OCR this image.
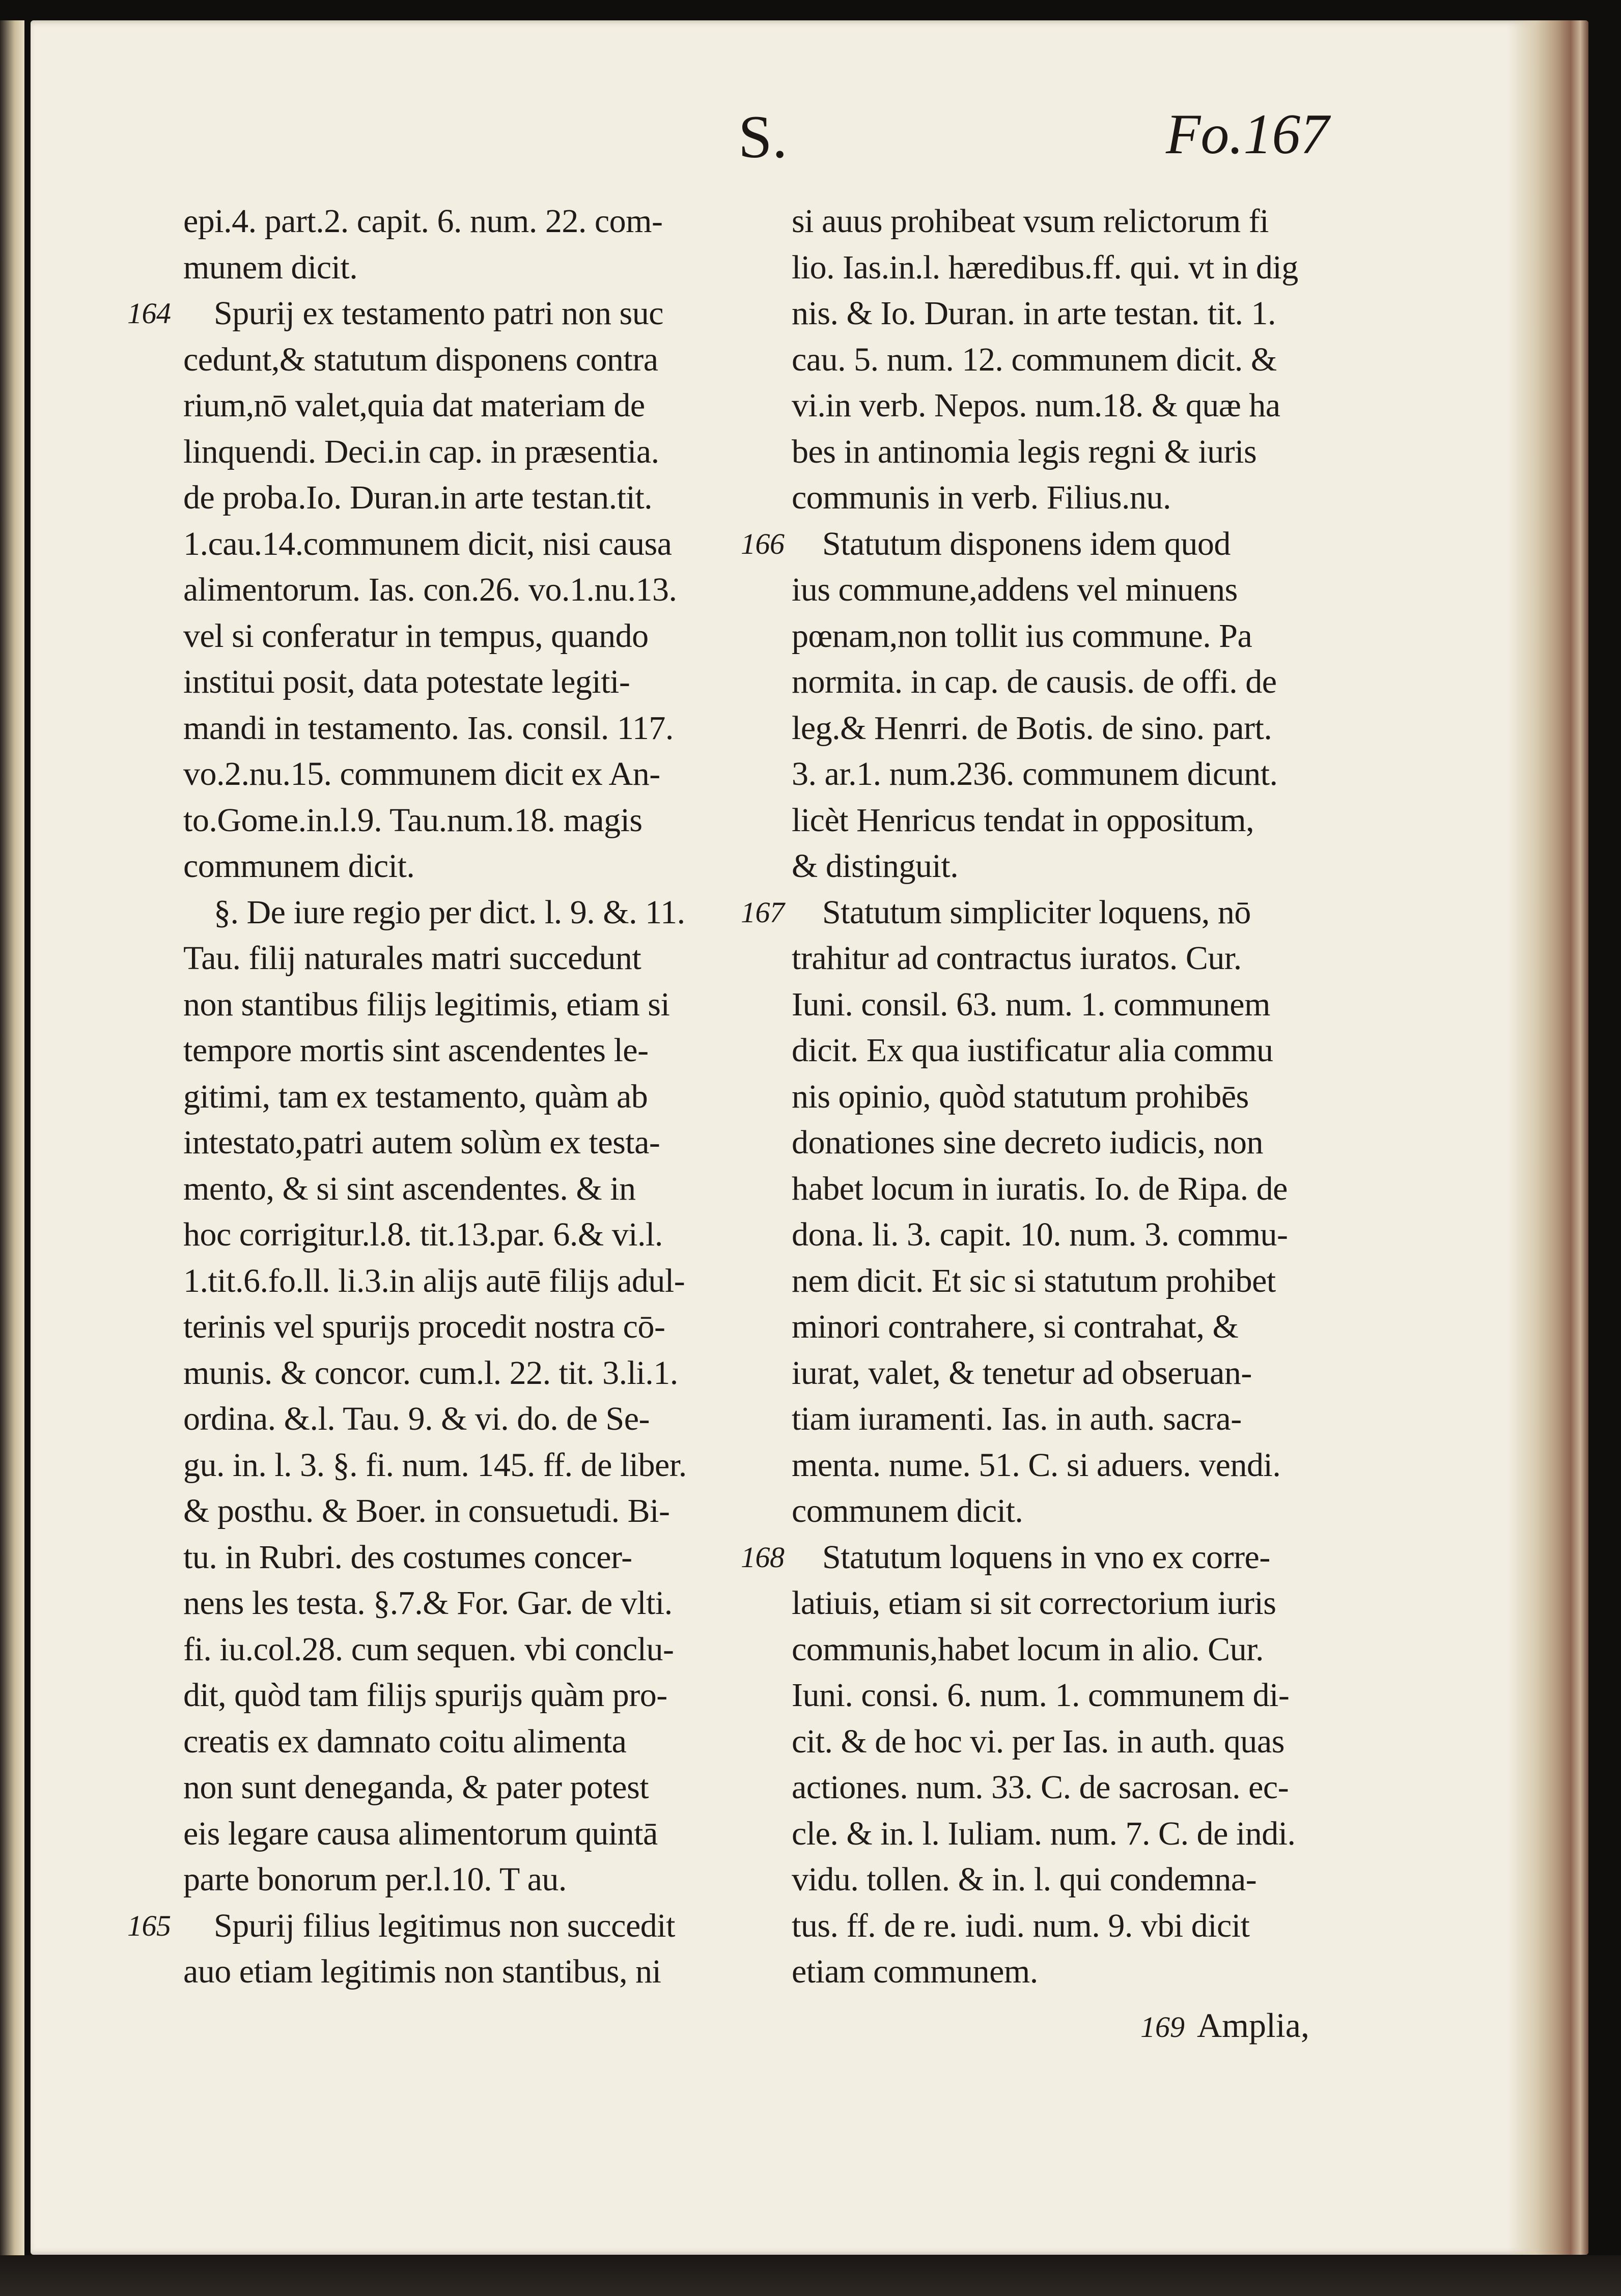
S.	Fo.167
epi.4. part.2. capit. 6. num. 22. com-
munem dicit.
164 Spurij ex testamento patri non suc
cedunt,& statutum disponens contra
rium,nō valet,quia dat materiam de
linquendi. Deci.in cap. in præsentia.
de proba.Io. Duran.in arte testan.tit.
1.cau.14.communem dicit, nisi causa
alimentorum. Ias. con.26. vo.1.nu.13.
vel si conferatur in tempus, quando
institui posit, data potestate legiti-
mandi in testamento. Ias. consil. 117.
vo.2.nu.15. communem dicit ex An-
to.Gome.in.l.9. Tau.num.18. magis
communem dicit.
§. De iure regio per dict. l. 9. &. 11.
Tau. filij naturales matri succedunt
non stantibus filijs legitimis, etiam si
tempore mortis sint ascendentes le-
gitimi, tam ex testamento, quàm ab
intestato,patri autem solùm ex testa-
mento, & si sint ascendentes. & in
hoc corrigitur.l.8. tit.13.par. 6.& vi.l.
1.tit.6.fo.ll. li.3.in alijs autē filijs adul-
terinis vel spurijs procedit nostra cō-
munis. & concor. cum.l. 22. tit. 3.li.1.
ordina. &.l. Tau. 9. & vi. do. de Se-
gu. in. l. 3. §. fi. num. 145. ff. de liber.
& posthu. & Boer. in consuetudi. Bi-
tu. in Rubri. des costumes concer-
nens les testa. §.7.& For. Gar. de vlti.
fi. iu.col.28. cum sequen. vbi conclu-
dit, quòd tam filijs spurijs quàm pro-
creatis ex damnato coitu alimenta
non sunt deneganda, & pater potest
eis legare causa alimentorum quintā
parte bonorum per.l.10. T au.
165 Spurij filius legitimus non succedit
auo etiam legitimis non stantibus, ni
si auus prohibeat vsum relictorum fi
lio. Ias.in.l. hæredibus.ff. qui. vt in dig
nis. & Io. Duran. in arte testan. tit. 1.
cau. 5. num. 12. communem dicit. &
vi.in verb. Nepos. num.18. & quæ ha
bes in antinomia legis regni & iuris
communis in verb. Filius.nu.
166 Statutum disponens idem quod
ius commune,addens vel minuens
pœnam,non tollit ius commune. Pa
normita. in cap. de causis. de offi. de
leg.& Henrri. de Botis. de sino. part.
3. ar.1. num.236. communem dicunt.
licèt Henricus tendat in oppositum,
& distinguit.
167 Statutum simpliciter loquens, nō
trahitur ad contractus iuratos. Cur.
Iuni. consil. 63. num. 1. communem
dicit. Ex qua iustificatur alia commu
nis opinio, quòd statutum prohibēs
donationes sine decreto iudicis, non
habet locum in iuratis. Io. de Ripa. de
dona. li. 3. capit. 10. num. 3. commu-
nem dicit. Et sic si statutum prohibet
minori contrahere, si contrahat, &
iurat, valet, & tenetur ad obseruan-
tiam iuramenti. Ias. in auth. sacra-
menta. nume. 51. C. si aduers. vendi.
communem dicit.
168 Statutum loquens in vno ex corre-
latiuis, etiam si sit correctorium iuris
communis,habet locum in alio. Cur.
Iuni. consi. 6. num. 1. communem di-
cit. & de hoc vi. per Ias. in auth. quas
actiones. num. 33. C. de sacrosan. ec-
cle. & in. l. Iuliam. num. 7. C. de indi.
vidu. tollen. & in. l. qui condemna-
tus. ff. de re. iudi. num. 9. vbi dicit
etiam communem.
169 Amplia,
